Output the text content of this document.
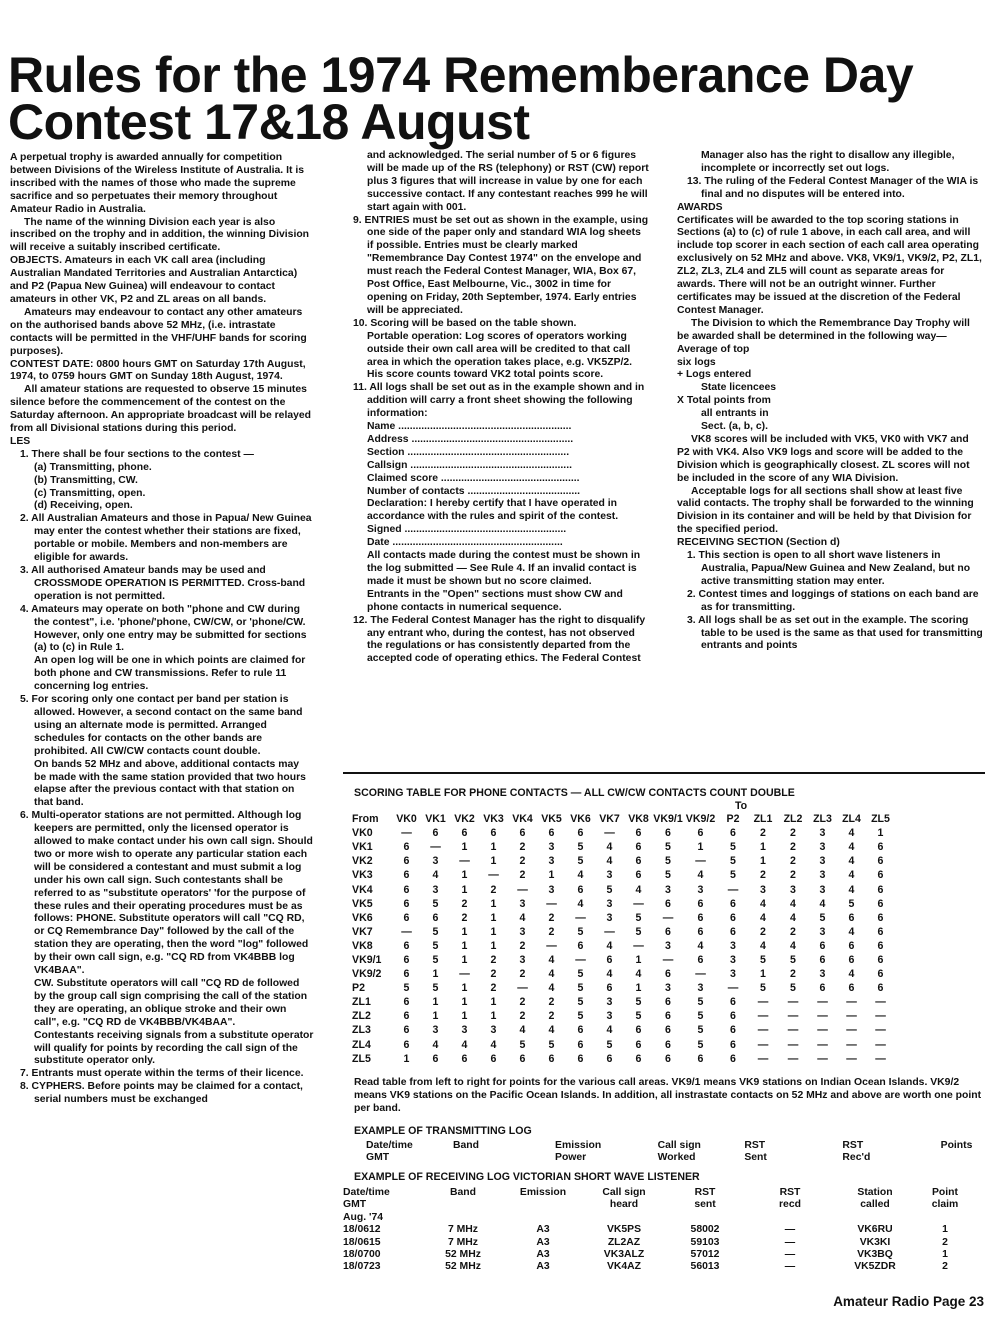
Rules for the 1974 Rememberance Day
Contest 17&18 August

A perpetual trophy is awarded annually for competition between Divisions of the Wireless Institute of Australia. It is inscribed with the names of those who made the supreme sacrifice and so perpetuates their memory throughout Amateur Radio in Australia.

The name of the winning Division each year is also inscribed on the trophy and in addition, the winning Division will receive a suitably inscribed certificate.

OBJECTS. Amateurs in each VK call area (including Australian Mandated Territories and Australian Antarctica) and P2 (Papua New Guinea) will endeavour to contact amateurs in other VK, P2 and ZL areas on all bands.

Amateurs may endeavour to contact any other amateurs on the authorised bands above 52 MHz, (i.e. intrastate contacts will be permitted in the VHF/UHF bands for scoring purposes).

CONTEST DATE: 0800 hours GMT on Saturday 17th August, 1974, to 0759 hours GMT on Sunday 18th August, 1974.

All amateur stations are requested to observe 15 minutes silence before the commencement of the contest on the Saturday afternoon. An appropriate broadcast will be relayed from all Divisional stations during this period.

LES

1. There shall be four sections to the contest —

(a) Transmitting, phone.

(b) Transmitting, CW.

(c) Transmitting, open.

(d) Receiving, open.

2. All Australian Amateurs and those in Papua/ New Guinea may enter the contest whether their stations are fixed, portable or mobile. Members and non-members are eligible for awards.

3. All authorised Amateur bands may be used and CROSSMODE OPERATION IS PERMITTED. Cross-band operation is not permitted.

4. Amateurs may operate on both "phone and CW during the contest", i.e. 'phone/'phone, CW/CW, or 'phone/CW. However, only one entry may be submitted for sections (a) to (c) in Rule 1.

An open log will be one in which points are claimed for both phone and CW transmissions. Refer to rule 11 concerning log entries.

5. For scoring only one contact per band per station is allowed. However, a second contact on the same band using an alternate mode is permitted. Arranged schedules for contacts on the other bands are prohibited. All CW/CW contacts count double.

On bands 52 MHz and above, additional contacts may be made with the same station provided that two hours elapse after the previous contact with that station on that band.

6. Multi-operator stations are not permitted. Although log keepers are permitted, only the licensed operator is allowed to make contact under his own call sign. Should two or more wish to operate any particular station each will be considered a contestant and must submit a log under his own call sign. Such contestants shall be referred to as "substitute operators' 'for the purpose of these rules and their operating procedures must be as follows: PHONE. Substitute operators will call "CQ RD, or CQ Remembrance Day" followed by the call of the station they are operating, then the word "log" followed by their own call sign, e.g. "CQ RD from VK4BBB log VK4BAA".

CW. Substitute operators will call "CQ RD de followed by the group call sign comprising the call of the station they are operating, an oblique stroke and their own call", e.g. "CQ RD de VK4BBB/VK4BAA".

Contestants receiving signals from a substitute operator will qualify for points by recording the call sign of the substitute operator only.

7. Entrants must operate within the terms of their licence.

8. CYPHERS. Before points may be claimed for a contact, serial numbers must be exchanged

and acknowledged. The serial number of 5 or 6 figures will be made up of the RS (telephony) or RST (CW) report plus 3 figures that will increase in value by one for each successive contact. If any contestant reaches 999 he will start again with 001.

9. ENTRIES must be set out as shown in the example, using one side of the paper only and standard WIA log sheets if possible. Entries must be clearly marked "Remembrance Day Contest 1974" on the envelope and must reach the Federal Contest Manager, WIA, Box 67, Post Office, East Melbourne, Vic., 3002 in time for opening on Friday, 20th September, 1974. Early entries will be appreciated.

10. Scoring will be based on the table shown.

Portable operation: Log scores of operators working outside their own call area will be credited to that call area in which the operation takes place, e.g. VK5ZP/2. His score counts toward VK2 total points score.

11. All logs shall be set out as in the example shown and in addition will carry a front sheet showing the following information:

Name ............................................................

Address ........................................................

Section ........................................................

Callsign ........................................................

Claimed score ................................................

Number of contacts .......................................

Declaration: I hereby certify that I have operated in accordance with the rules and spirit of the contest.

Signed ........................................................

Date ...........................................................

All contacts made during the contest must be shown in the log submitted — See Rule 4. If an invalid contact is made it must be shown but no score claimed.

Entrants in the "Open" sections must show CW and phone contacts in numerical sequence.

12. The Federal Contest Manager has the right to disqualify any entrant who, during the contest, has not observed the regulations or has consistently departed from the accepted code of operating ethics. The Federal Contest

Manager also has the right to disallow any illegible, incomplete or incorrectly set out logs.

13. The ruling of the Federal Contest Manager of the WIA is final and no disputes will be entered into.

AWARDS

Certificates will be awarded to the top scoring stations in Sections (a) to (c) of rule 1 above, in each call area, and will include top scorer in each section of each call area operating exclusively on 52 MHz and above. VK8, VK9/1, VK9/2, P2, ZL1, ZL2, ZL3, ZL4 and ZL5 will count as separate areas for awards. There will not be an outright winner. Further certificates may be issued at the discretion of the Federal Contest Manager.

The Division to which the Remembrance Day Trophy will be awarded shall be determined in the following way—

Average of top

six logs

+ Logs entered

State licencees

X Total points from

all entrants in

Sect. (a, b, c).

VK8 scores will be included with VK5, VK0 with VK7 and P2 with VK4. Also VK9 logs and score will be added to the Division which is geographically closest. ZL scores will not be included in the score of any WIA Division.

Acceptable logs for all sections shall show at least five valid contacts. The trophy shall be forwarded to the winning Division in its container and will be held by that Division for the specified period.

RECEIVING SECTION (Section d)

1. This section is open to all short wave listeners in Australia, Papua/New Guinea and New Zealand, but no active transmitting station may enter.

2. Contest times and loggings of stations on each band are as for transmitting.

3. All logs shall be as set out in the example. The scoring table to be used is the same as that used for transmitting entrants and points

SCORING TABLE FOR PHONE CONTACTS — ALL CW/CW CONTACTS COUNT DOUBLE
To
From	VK0	VK1	VK2	VK3	VK4	VK5	VK6	VK7	VK8	VK9/1	VK9/2	P2	ZL1	ZL2	ZL3	ZL4	ZL5
VK0	—	6	6	6	6	6	6	—	6	6	6	6	2	2	3	4	1
VK1	6	—	1	1	2	3	5	4	6	5	1	5	1	2	3	4	6
VK2	6	3	—	1	2	3	5	4	6	5	—	5	1	2	3	4	6
VK3	6	4	1	—	2	1	4	3	6	5	4	5	2	2	3	4	6
VK4	6	3	1	2	—	3	6	5	4	3	3	—	3	3	3	4	6
VK5	6	5	2	1	3	—	4	3	—	6	6	6	4	4	4	5	6
VK6	6	6	2	1	4	2	—	3	5	—	6	6	4	4	5	6	6
VK7	—	5	1	1	3	2	5	—	5	6	6	6	2	2	3	4	6
VK8	6	5	1	1	2	—	6	4	—	3	4	3	4	4	6	6	6
VK9/1	6	5	1	2	3	4	—	6	1	—	6	3	5	5	6	6	6
VK9/2	6	1	—	2	2	4	5	4	4	6	—	3	1	2	3	4	6
P2	5	5	1	2	—	4	5	6	1	3	3	—	5	5	6	6	6
ZL1	6	1	1	1	2	2	5	3	5	6	5	6	—	—	—	—	—
ZL2	6	1	1	1	2	2	5	3	5	6	5	6	—	—	—	—	—
ZL3	6	3	3	3	4	4	6	4	6	6	5	6	—	—	—	—	—
ZL4	6	4	4	4	5	5	6	5	6	6	5	6	—	—	—	—	—
ZL5	1	6	6	6	6	6	6	6	6	6	6	6	—	—	—	—	—

Read table from left to right for points for the various call areas. VK9/1 means VK9 stations on Indian Ocean Islands. VK9/2 means VK9 stations on the Pacific Ocean Islands. In addition, all instrastate contacts on 52 MHz and above are worth one point per band.

EXAMPLE OF TRANSMITTING LOG
Date/time	Band	Emission	Call sign	RST	RST	Points
GMT		Power	Worked	Sent	Rec'd	
EXAMPLE OF RECEIVING LOG VICTORIAN SHORT WAVE LISTENER
Date/time	Band	Emission	Call sign	RST	RST	Station	Point
GMT			heard	sent	recd	called	claim
Aug. '74							
18/0612	7 MHz	A3	VK5PS	58002	—	VK6RU	1
18/0615	7 MHz	A3	ZL2AZ	59103	—	VK3KI	2
18/0700	52 MHz	A3	VK3ALZ	57012	—	VK3BQ	1
18/0723	52 MHz	A3	VK4AZ	56013	—	VK5ZDR	2
Amateur Radio Page 23
